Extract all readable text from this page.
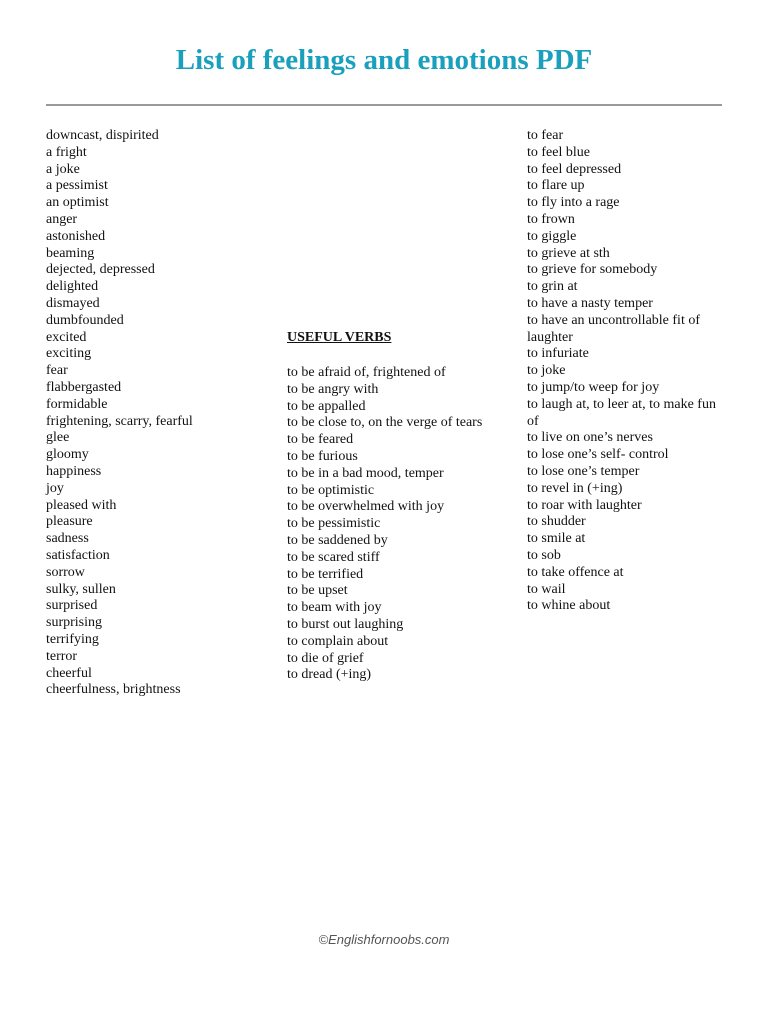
List of feelings and emotions PDF
downcast, dispirited
a fright
a joke
a pessimist
an optimist
anger
astonished
beaming
dejected, depressed
delighted
dismayed
dumbfounded
excited
exciting
fear
flabbergasted
formidable
frightening, scarry, fearful
glee
gloomy
happiness
joy
pleased with
pleasure
sadness
satisfaction
sorrow
sulky, sullen
surprised
surprising
terrifying
terror
cheerful
cheerfulness, brightness

USEFUL VERBS

to be afraid of, frightened of
to be angry with
to be appalled
to be close to, on the verge of tears
to be feared
to be furious
to be in a bad mood, temper
to be optimistic
to be overwhelmed with joy
to be pessimistic
to be saddened by
to be scared stiff
to be terrified
to be upset
to beam with joy
to burst out laughing
to complain about
to die of grief
to dread (+ing)
to fear
to feel blue
to feel depressed
to flare up
to fly into a rage
to frown
to giggle
to grieve at sth
to grieve for somebody
to grin at
to have a nasty temper
to have an uncontrollable fit of laughter
to infuriate
to joke
to jump/to weep for joy
to laugh at, to leer at, to make fun of
to live on one’s nerves
to lose one’s self- control
to lose one’s temper
to revel in (+ing)
to roar with laughter
to shudder
to smile at
to sob
to take offence at
to wail
to whine about
©Englishfornoobs.com
